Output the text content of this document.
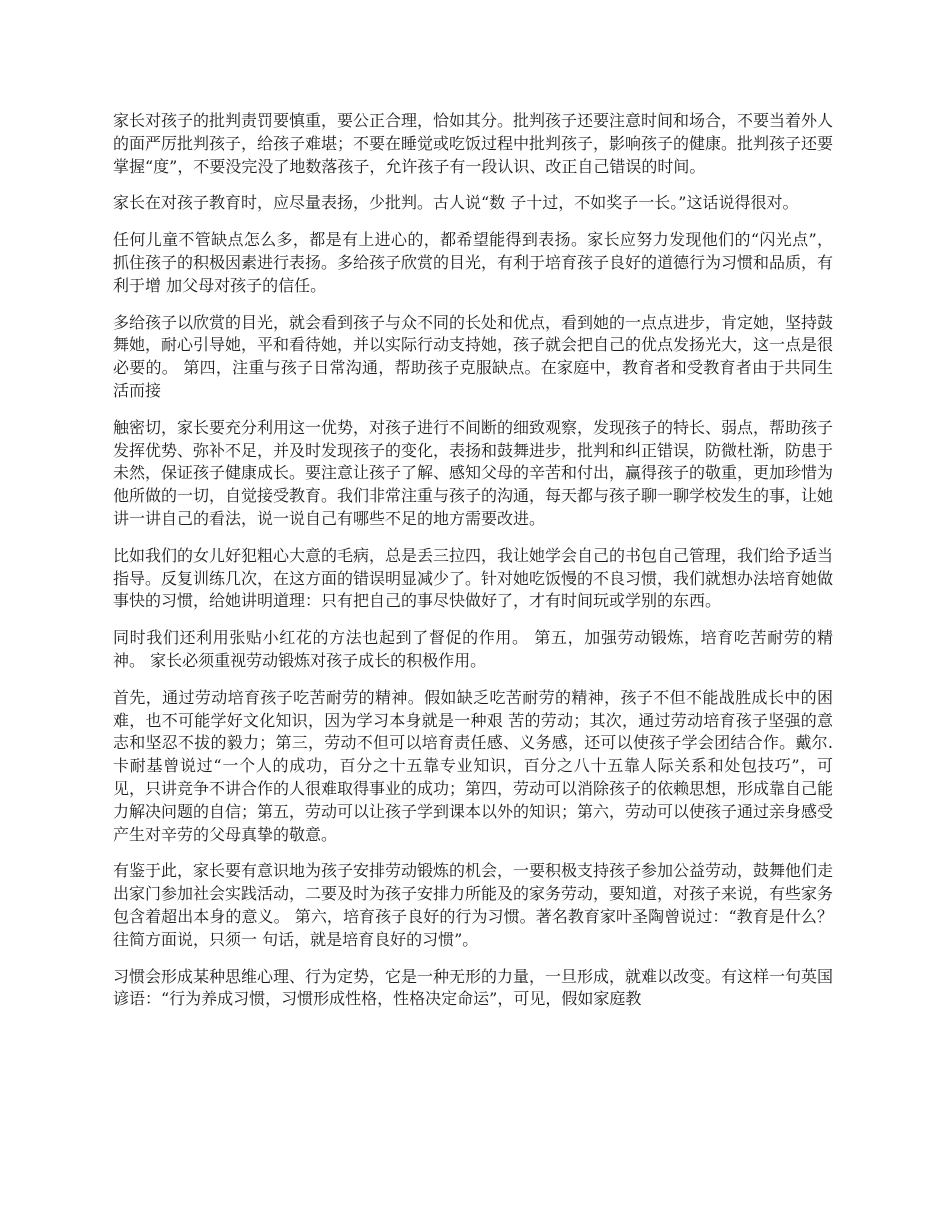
家长对孩子的批判责罚要慎重，要公正合理，恰如其分。批判孩子还要注意时间和场合，不要当着外人的面严厉批判孩子，给孩子难堪；不要在睡觉或吃饭过程中批判孩子，影响孩子的健康。批判孩子还要掌握“度”，不要没完没了地数落孩子，允许孩子有一段认识、改正自己错误的时间。

家长在对孩子教育时，应尽量表扬，少批判。古人说“数 子十过，不如奖子一长。”这话说得很对。

任何儿童不管缺点怎么多，都是有上进心的，都希望能得到表扬。家长应努力发现他们的“闪光点”，抓住孩子的积极因素进行表扬。多给孩子欣赏的目光，有利于培育孩子良好的道德行为习惯和品质，有利于增 加父母对孩子的信任。

多给孩子以欣赏的目光，就会看到孩子与众不同的长处和优点，看到她的一点点进步，肯定她，坚持鼓舞她，耐心引导她，平和看待她，并以实际行动支持她，孩子就会把自己的优点发扬光大，这一点是很必要的。 第四，注重与孩子日常沟通，帮助孩子克服缺点。在家庭中，教育者和受教育者由于共同生活而接

触密切，家长要充分利用这一优势，对孩子进行不间断的细致观察，发现孩子的特长、弱点，帮助孩子发挥优势、弥补不足，并及时发现孩子的变化，表扬和鼓舞进步，批判和纠正错误，防微杜渐，防患于未然，保证孩子健康成长。要注意让孩子了解、感知父母的辛苦和付出，赢得孩子的敬重，更加珍惜为他所做的一切，自觉接受教育。我们非常注重与孩子的沟通，每天都与孩子聊一聊学校发生的事，让她讲一讲自己的看法，说一说自己有哪些不足的地方需要改进。

比如我们的女儿好犯粗心大意的毛病，总是丢三拉四，我让她学会自己的书包自己管理，我们给予适当指导。反复训练几次，在这方面的错误明显减少了。针对她吃饭慢的不良习惯，我们就想办法培育她做事快的习惯，给她讲明道理：只有把自己的事尽快做好了，才有时间玩或学别的东西。

同时我们还利用张贴小红花的方法也起到了督促的作用。 第五，加强劳动锻炼，培育吃苦耐劳的精神。 家长必须重视劳动锻炼对孩子成长的积极作用。

首先，通过劳动培育孩子吃苦耐劳的精神。假如缺乏吃苦耐劳的精神，孩子不但不能战胜成长中的困难，也不可能学好文化知识，因为学习本身就是一种艰 苦的劳动；其次，通过劳动培育孩子坚强的意志和坚忍不拔的毅力；第三，劳动不但可以培育责任感、义务感，还可以使孩子学会团结合作。戴尔.卡耐基曾说过“一个人的成功，百分之十五靠专业知识，百分之八十五靠人际关系和处包技巧”，可见，只讲竞争不讲合作的人很难取得事业的成功；第四，劳动可以消除孩子的依赖思想，形成靠自己能力解决问题的自信；第五，劳动可以让孩子学到课本以外的知识；第六，劳动可以使孩子通过亲身感受产生对辛劳的父母真挚的敬意。

有鉴于此，家长要有意识地为孩子安排劳动锻炼的机会，一要积极支持孩子参加公益劳动，鼓舞他们走出家门参加社会实践活动，二要及时为孩子安排力所能及的家务劳动，要知道，对孩子来说，有些家务包含着超出本身的意义。 第六，培育孩子良好的行为习惯。著名教育家叶圣陶曾说过：“教育是什么？往简方面说，只须一 句话，就是培育良好的习惯”。

习惯会形成某种思维心理、行为定势，它是一种无形的力量，一旦形成，就难以改变。有这样一句英国谚语：“行为养成习惯，习惯形成性格，性格决定命运”，可见，假如家庭教
